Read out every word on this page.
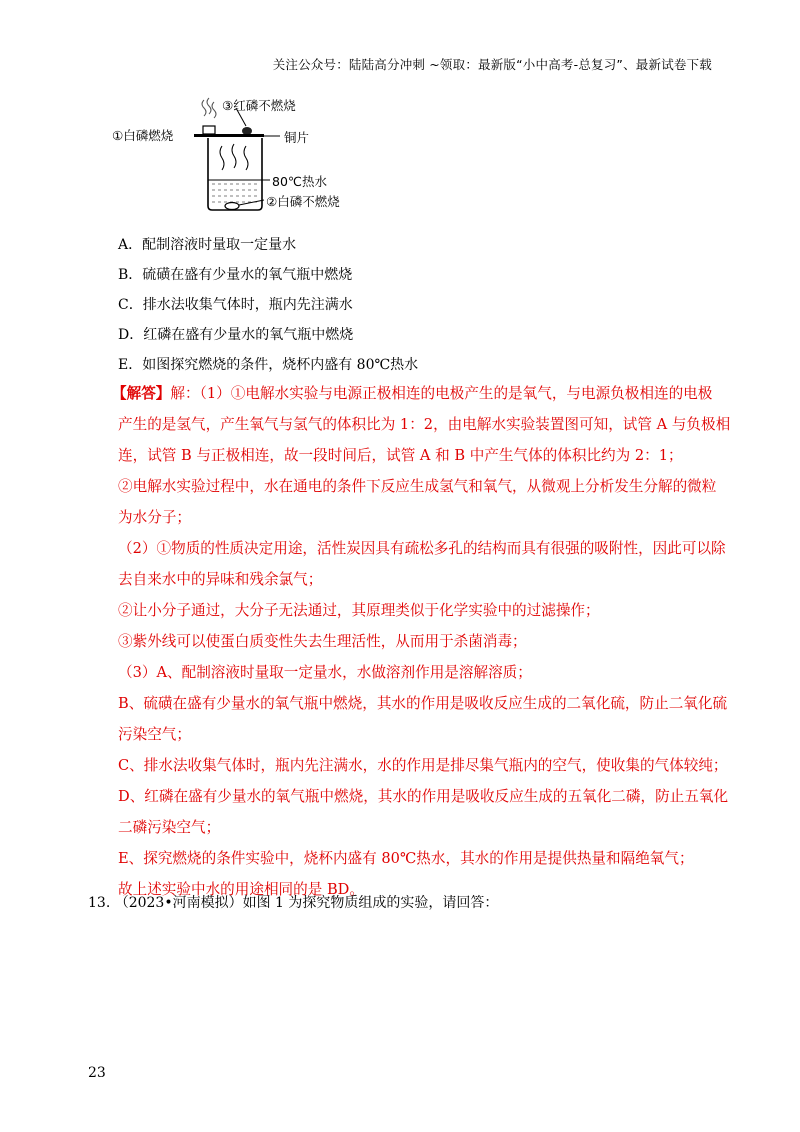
关注公众号：陆陆高分冲刺 ~领取：最新版“小中高考-总复习”、最新试卷下载
③红磷不燃烧
①白磷燃烧	铜片
80℃热水
②白磷不燃烧
A．配制溶液时量取一定量水
B．硫磺在盛有少量水的氧气瓶中燃烧
C．排水法收集气体时，瓶内先注满水
D．红磷在盛有少量水的氧气瓶中燃烧
E．如图探究燃烧的条件，烧杯内盛有 80℃热水

【解答】解：（1）①电解水实验与电源正极相连的电极产生的是氧气，与电源负极相连的电极

产生的是氢气，产生氧气与氢气的体积比为 1：2，由电解水实验装置图可知，试管 A 与负极相

连，试管 B 与正极相连，故一段时间后，试管 A 和 B 中产生气体的体积比约为 2：1；

②电解水实验过程中，水在通电的条件下反应生成氢气和氧气，从微观上分析发生分解的微粒

为水分子；

（2）①物质的性质决定用途，活性炭因具有疏松多孔的结构而具有很强的吸附性，因此可以除

去自来水中的异味和残余氯气；

②让小分子通过，大分子无法通过，其原理类似于化学实验中的过滤操作；

③紫外线可以使蛋白质变性失去生理活性，从而用于杀菌消毒；

（3）A、配制溶液时量取一定量水，水做溶剂作用是溶解溶质；

B、硫磺在盛有少量水的氧气瓶中燃烧，其水的作用是吸收反应生成的二氧化硫，防止二氧化硫

污染空气；

C、排水法收集气体时，瓶内先注满水，水的作用是排尽集气瓶内的空气，使收集的气体较纯；

D、红磷在盛有少量水的氧气瓶中燃烧，其水的作用是吸收反应生成的五氧化二磷，防止五氧化

二磷污染空气；

E、探究燃烧的条件实验中，烧杯内盛有 80℃热水，其水的作用是提供热量和隔绝氧气；

故上述实验中水的用途相同的是 BD。

13. （2023•河南模拟）如图 1 为探究物质组成的实验，请回答：
23
